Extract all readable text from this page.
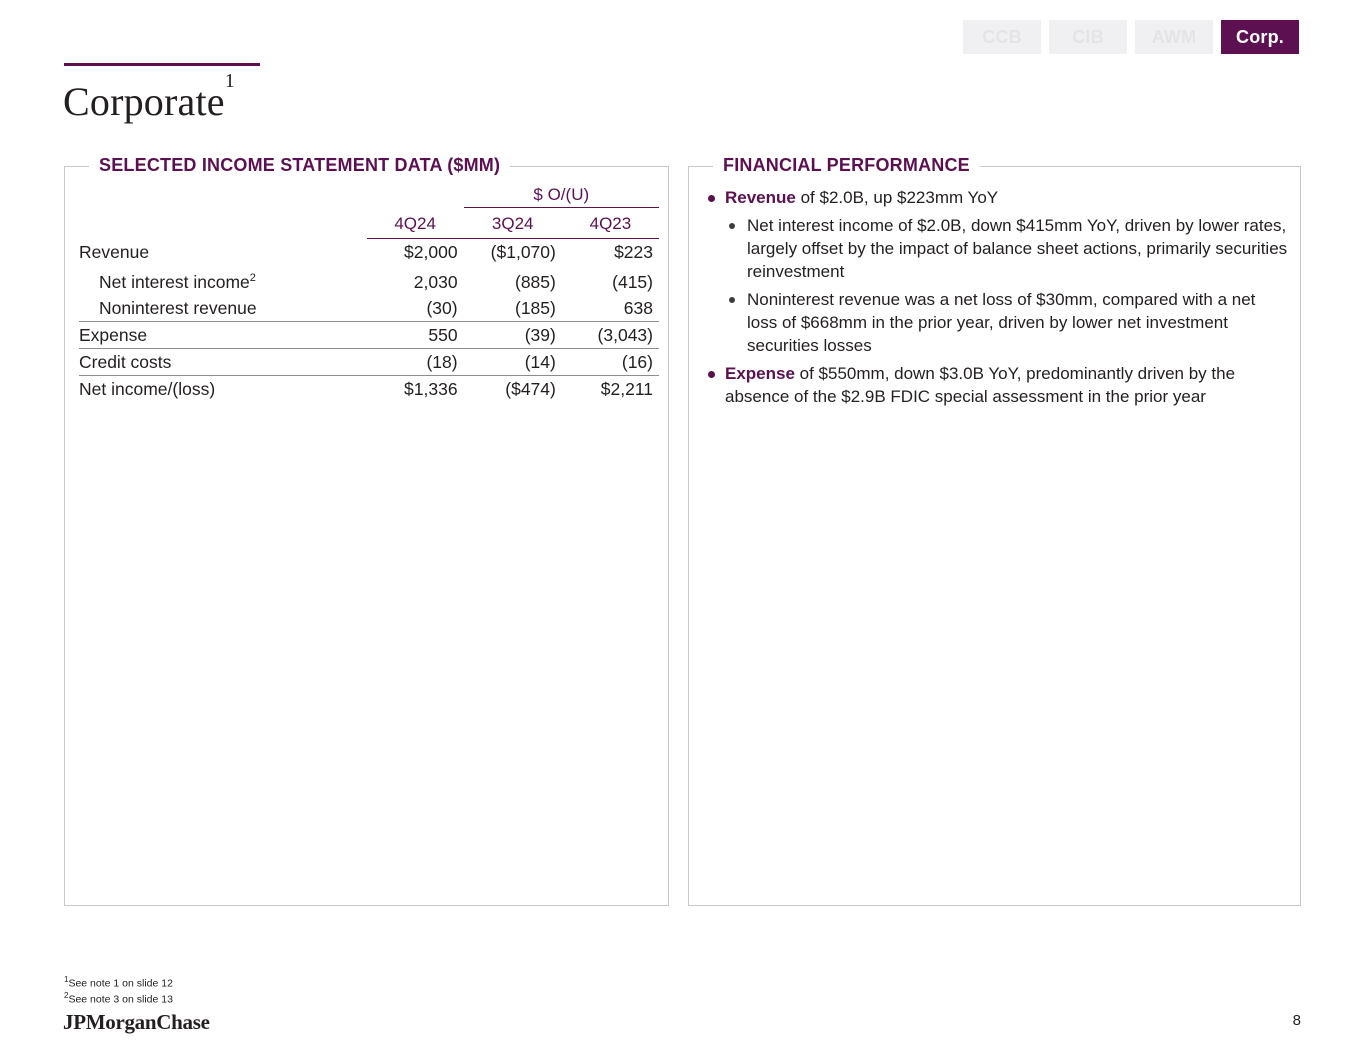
CCB	CIB	AWM Corp.
Corporate$^1$
SELECTED INCOME STATEMENT DATA ($MM)

		$ O/(U)	

	4Q24	3Q24	4Q23
Revenue	$2,000	($1,070)	$223
Net interest income$^2$	2,030	(885)	(415)
Noninterest revenue	(30)	(185)	638
Expense	550	(39)	(3,043)
Credit costs	(18)	(14)	(16)
Net income/(loss)	$1,336	($474)	$2,211
FINANCIAL PERFORMANCE
Revenue of $2.0B, up $223mm YoY
Net interest income of $2.0B, down $415mm YoY, driven by lower rates, largely offset by the impact of balance sheet actions, primarily securities reinvestment
Noninterest revenue was a net loss of $30mm, compared with a net loss of $668mm in the prior year, driven by lower net investment securities losses
Expense of $550mm, down $3.0B YoY, predominantly driven by the absence of the $2.9B FDIC special assessment in the prior year
$^1$See note 1 on slide 12
$^2$See note 3 on slide 13
JPMorganChase	8
